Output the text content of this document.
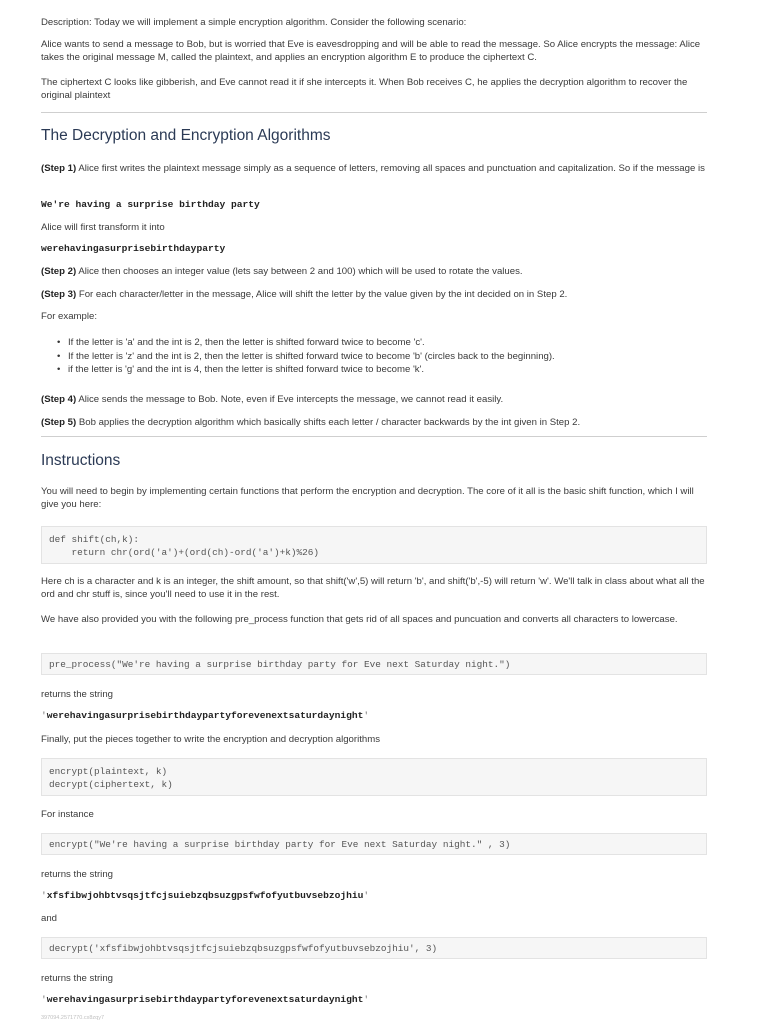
Description: Today we will implement a simple encryption algorithm. Consider the following scenario:

Alice wants to send a message to Bob, but is worried that Eve is eavesdropping and will be able to read the message. So Alice encrypts the message: Alice takes the original message M, called the plaintext, and applies an encryption algorithm E to produce the ciphertext C.

The ciphertext C looks like gibberish, and Eve cannot read it if she intercepts it. When Bob receives C, he applies the decryption algorithm to recover the original plaintext

The Decryption and Encryption Algorithms

(Step 1) Alice first writes the plaintext message simply as a sequence of letters, removing all spaces and punctuation and capitalization. So if the message is

We're having a surprise birthday party

Alice will first transform it into

werehavingasurprisebirthdayparty

(Step 2) Alice then chooses an integer value (lets say between 2 and 100) which will be used to rotate the values.

(Step 3) For each character/letter in the message, Alice will shift the letter by the value given by the int decided on in Step 2.

For example:

• If the letter is 'a' and the int is 2, then the letter is shifted forward twice to become 'c'.
• If the letter is 'z' and the int is 2, then the letter is shifted forward twice to become 'b' (circles back to the beginning).
• if the letter is 'g' and the int is 4, then the letter is shifted forward twice to become 'k'.

(Step 4) Alice sends the message to Bob. Note, even if Eve intercepts the message, we cannot read it easily.

(Step 5) Bob applies the decryption algorithm which basically shifts each letter / character backwards by the int given in Step 2.

Instructions

You will need to begin by implementing certain functions that perform the encryption and decryption. The core of it all is the basic shift function, which I will give you here:

def shift(ch,k):
return chr(ord('a')+(ord(ch)-ord('a')+k)%26)

Here ch is a character and k is an integer, the shift amount, so that shift('w',5) will return 'b', and shift('b',-5) will return 'w'. We'll talk in class about what all the ord and chr stuff is, since you'll need to use it in the rest.

We have also provided you with the following pre_process function that gets rid of all spaces and puncuation and converts all characters to lowercase.

pre_process("We're having a surprise birthday party for Eve next Saturday night.")

returns the string

'werehavingasurprisebirthdaypartyforevenextsaturdaynight'

Finally, put the pieces together to write the encryption and decryption algorithms

encrypt(plaintext, k)
decrypt(ciphertext, k)

For instance

encrypt("We're having a surprise birthday party for Eve next Saturday night." , 3)

returns the string

'xfsfibwjohbtvsqsjtfcjsuiebzqbsuzgpsfwfofyutbuvsebzojhiu'

and

decrypt('xfsfibwjohbtvsqsjtfcjsuiebzqbsuzgpsfwfofyutbuvsebzojhiu', 3)

returns the string

'werehavingasurprisebirthdaypartyforevenextsaturdaynight'
397094.2571770.cx8zqy7
